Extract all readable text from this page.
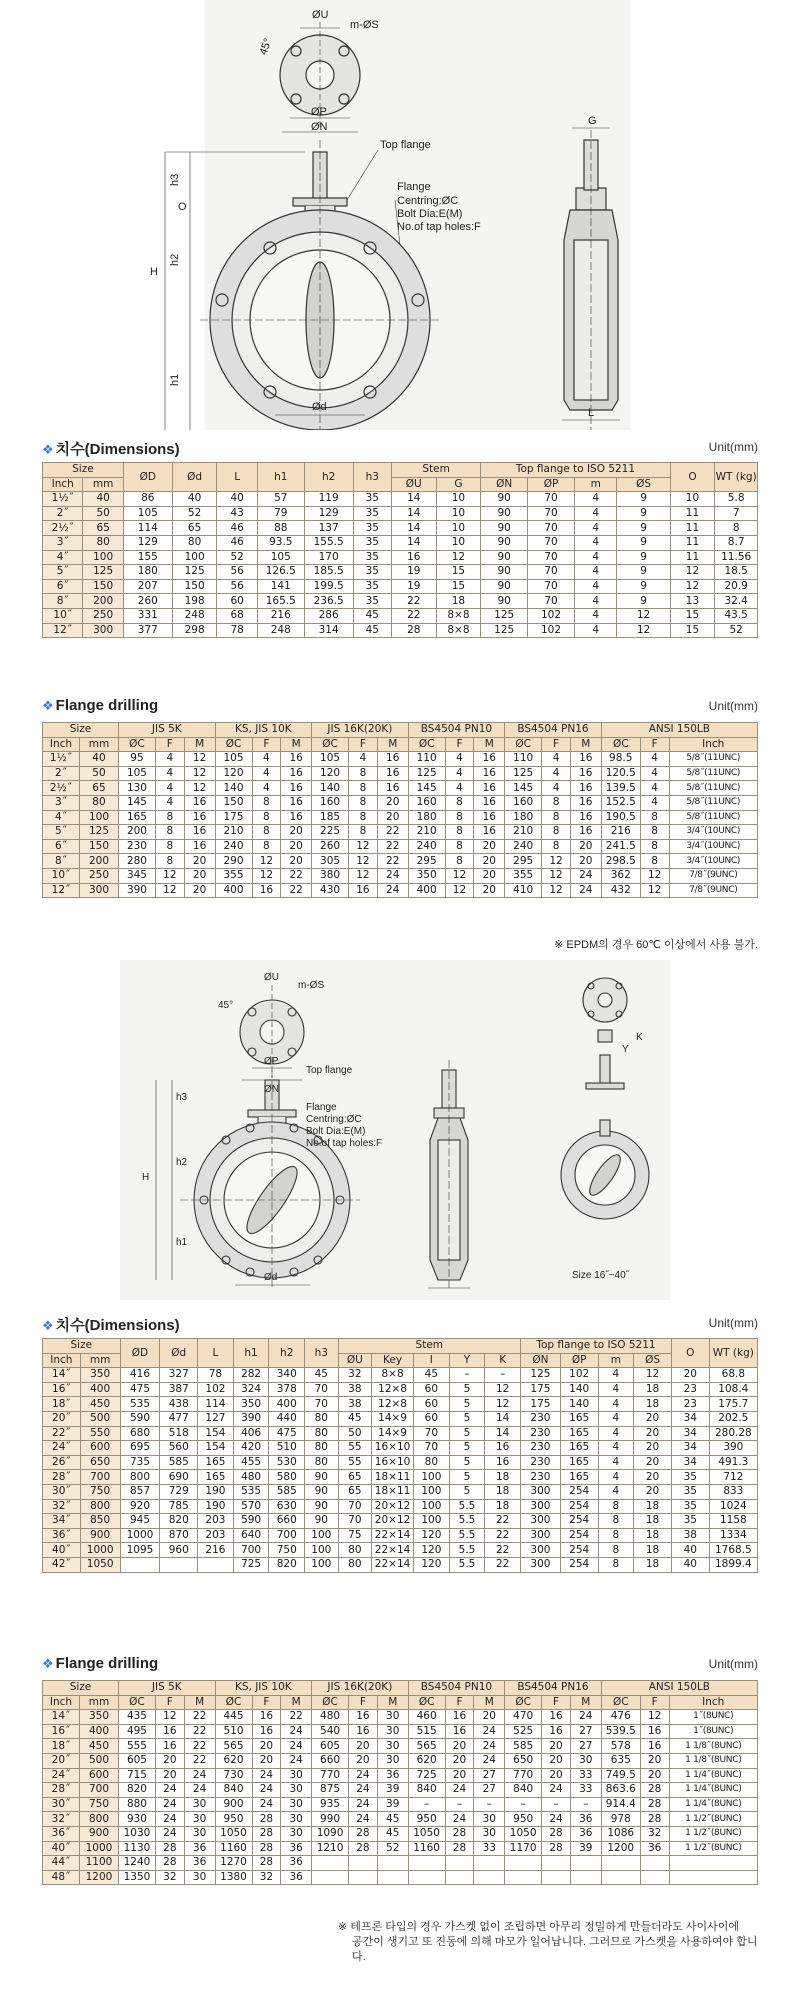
ØU
m-ØS
45°
ØP
ØN
Top flange
Flange
Centring:ØC
Bolt Dia:E(M)
No.of tap holes:F
h3
O
h2
H
h1
Ød
G
L
❖ 치수(Dimensions)	Unit(mm)
Size		ØD	Ød	L	h1	h2	h3	Stem		Top flange to ISO 5211				O	WT (kg)
Inch	mm							ØU	G	ØN	ØP	m	ØS		
1½˝	40	86	40	40	57	119	35	14	10	90	70	4	9	10	5.8
2˝	50	105	52	43	79	129	35	14	10	90	70	4	9	11	7
2½˝	65	114	65	46	88	137	35	14	10	90	70	4	9	11	8
3˝	80	129	80	46	93.5	155.5	35	14	10	90	70	4	9	11	8.7
4˝	100	155	100	52	105	170	35	16	12	90	70	4	9	11	11.56
5˝	125	180	125	56	126.5	185.5	35	19	15	90	70	4	9	12	18.5
6˝	150	207	150	56	141	199.5	35	19	15	90	70	4	9	12	20.9
8˝	200	260	198	60	165.5	236.5	35	22	18	90	70	4	9	13	32.4
10˝	250	331	248	68	216	286	45	22	8×8	125	102	4	12	15	43.5
12˝	300	377	298	78	248	314	45	28	8×8	125	102	4	12	15	52
❖ Flange drilling	Unit(mm)
Size		JIS 5K			KS, JIS 10K			JIS 16K(20K)			BS4504 PN10			BS4504 PN16			ANSI 150LB		
Inch	mm	ØC	F	M	ØC	F	M	ØC	F	M	ØC	F	M	ØC	F	M	ØC	F	Inch
1½˝	40	95	4	12	105	4	16	105	4	16	110	4	16	110	4	16	98.5	4	5/8˝(11UNC)
2˝	50	105	4	12	120	4	16	120	8	16	125	4	16	125	4	16	120.5	4	5/8˝(11UNC)
2½˝	65	130	4	12	140	4	16	140	8	16	145	4	16	145	4	16	139.5	4	5/8˝(11UNC)
3˝	80	145	4	16	150	8	16	160	8	20	160	8	16	160	8	16	152.5	4	5/8˝(11UNC)
4˝	100	165	8	16	175	8	16	185	8	20	180	8	16	180	8	16	190.5	8	5/8˝(11UNC)
5˝	125	200	8	16	210	8	20	225	8	22	210	8	16	210	8	16	216	8	3/4˝(10UNC)
6˝	150	230	8	16	240	8	20	260	12	22	240	8	20	240	8	20	241.5	8	3/4˝(10UNC)
8˝	200	280	8	20	290	12	20	305	12	22	295	8	20	295	12	20	298.5	8	3/4˝(10UNC)
10˝	250	345	12	20	355	12	22	380	12	24	350	12	20	355	12	24	362	12	7/8˝(9UNC)
12˝	300	390	12	20	400	16	22	430	16	24	400	12	20	410	12	24	432	12	7/8˝(9UNC)
※ EPDM의 경우 60℃ 이상에서 사용 불가.
ØU
m-ØS
45°
ØP
ØN
Top flange
Flange
Centring:ØC
Bolt Dia:E(M)
No.of tap holes:F
h3
h2
H
h1
Ød
K
Y
Size 16˝~40˝
❖ 치수(Dimensions)	Unit(mm)
Size		ØD	Ød	L	h1	h2	h3	Stem					Top flange to ISO 5211				O	WT (kg)
Inch	mm							ØU	Key	I	Y	K	ØN	ØP	m	ØS		
14˝	350	416	327	78	282	340	45	32	8×8	45	–	–	125	102	4	12	20	68.8
16˝	400	475	387	102	324	378	70	38	12×8	60	5	12	175	140	4	18	23	108.4
18˝	450	535	438	114	350	400	70	38	12×8	60	5	12	175	140	4	18	23	175.7
20˝	500	590	477	127	390	440	80	45	14×9	60	5	14	230	165	4	20	34	202.5
22˝	550	680	518	154	406	475	80	50	14×9	70	5	14	230	165	4	20	34	280.28
24˝	600	695	560	154	420	510	80	55	16×10	70	5	16	230	165	4	20	34	390
26˝	650	735	585	165	455	530	80	55	16×10	80	5	16	230	165	4	20	34	491.3
28˝	700	800	690	165	480	580	90	65	18×11	100	5	18	230	165	4	20	35	712
30˝	750	857	729	190	535	585	90	65	18×11	100	5	18	300	254	4	20	35	833
32˝	800	920	785	190	570	630	90	70	20×12	100	5.5	18	300	254	8	18	35	1024
34˝	850	945	820	203	590	660	90	70	20×12	100	5.5	22	300	254	8	18	35	1158
36˝	900	1000	870	203	640	700	100	75	22×14	120	5.5	22	300	254	8	18	38	1334
40˝	1000	1095	960	216	700	750	100	80	22×14	120	5.5	22	300	254	8	18	40	1768.5
42˝	1050				725	820	100	80	22×14	120	5.5	22	300	254	8	18	40	1899.4
❖ Flange drilling	Unit(mm)
Size		JIS 5K			KS, JIS 10K			JIS 16K(20K)			BS4504 PN10			BS4504 PN16			ANSI 150LB		
Inch	mm	ØC	F	M	ØC	F	M	ØC	F	M	ØC	F	M	ØC	F	M	ØC	F	Inch
14˝	350	435	12	22	445	16	22	480	16	30	460	16	20	470	16	24	476	12	1˝(8UNC)
16˝	400	495	16	22	510	16	24	540	16	30	515	16	24	525	16	27	539.5	16	1˝(8UNC)
18˝	450	555	16	22	565	20	24	605	20	30	565	20	24	585	20	27	578	16	1 1/8˝(8UNC)
20˝	500	605	20	22	620	20	24	660	20	30	620	20	24	650	20	30	635	20	1 1/8˝(8UNC)
24˝	600	715	20	24	730	24	30	770	24	36	725	20	27	770	20	33	749.5	20	1 1/4˝(8UNC)
28˝	700	820	24	24	840	24	30	875	24	39	840	24	27	840	24	33	863.6	28	1 1/4˝(8UNC)
30˝	750	880	24	30	900	24	30	935	24	39	–	–	–	–	–	–	914.4	28	1 1/4˝(8UNC)
32˝	800	930	24	30	950	28	30	990	24	45	950	24	30	950	24	36	978	28	1 1/2˝(8UNC)
36˝	900	1030	24	30	1050	28	30	1090	28	45	1050	28	30	1050	28	36	1086	32	1 1/2˝(8UNC)
40˝	1000	1130	28	36	1160	28	36	1210	28	52	1160	28	33	1170	28	39	1200	36	1 1/2˝(8UNC)
44˝	1100	1240	28	36	1270	28	36												
48˝	1200	1350	32	30	1380	32	36												
※ 테프론 타입의 경우 가스켓 없이 조립하면 아무리 정밀하게 만들더라도 사이사이에
공간이 생기고 또 진동에 의해 마모가 일어납니다. 그러므로 가스켓을 사용하여야 합니다.
